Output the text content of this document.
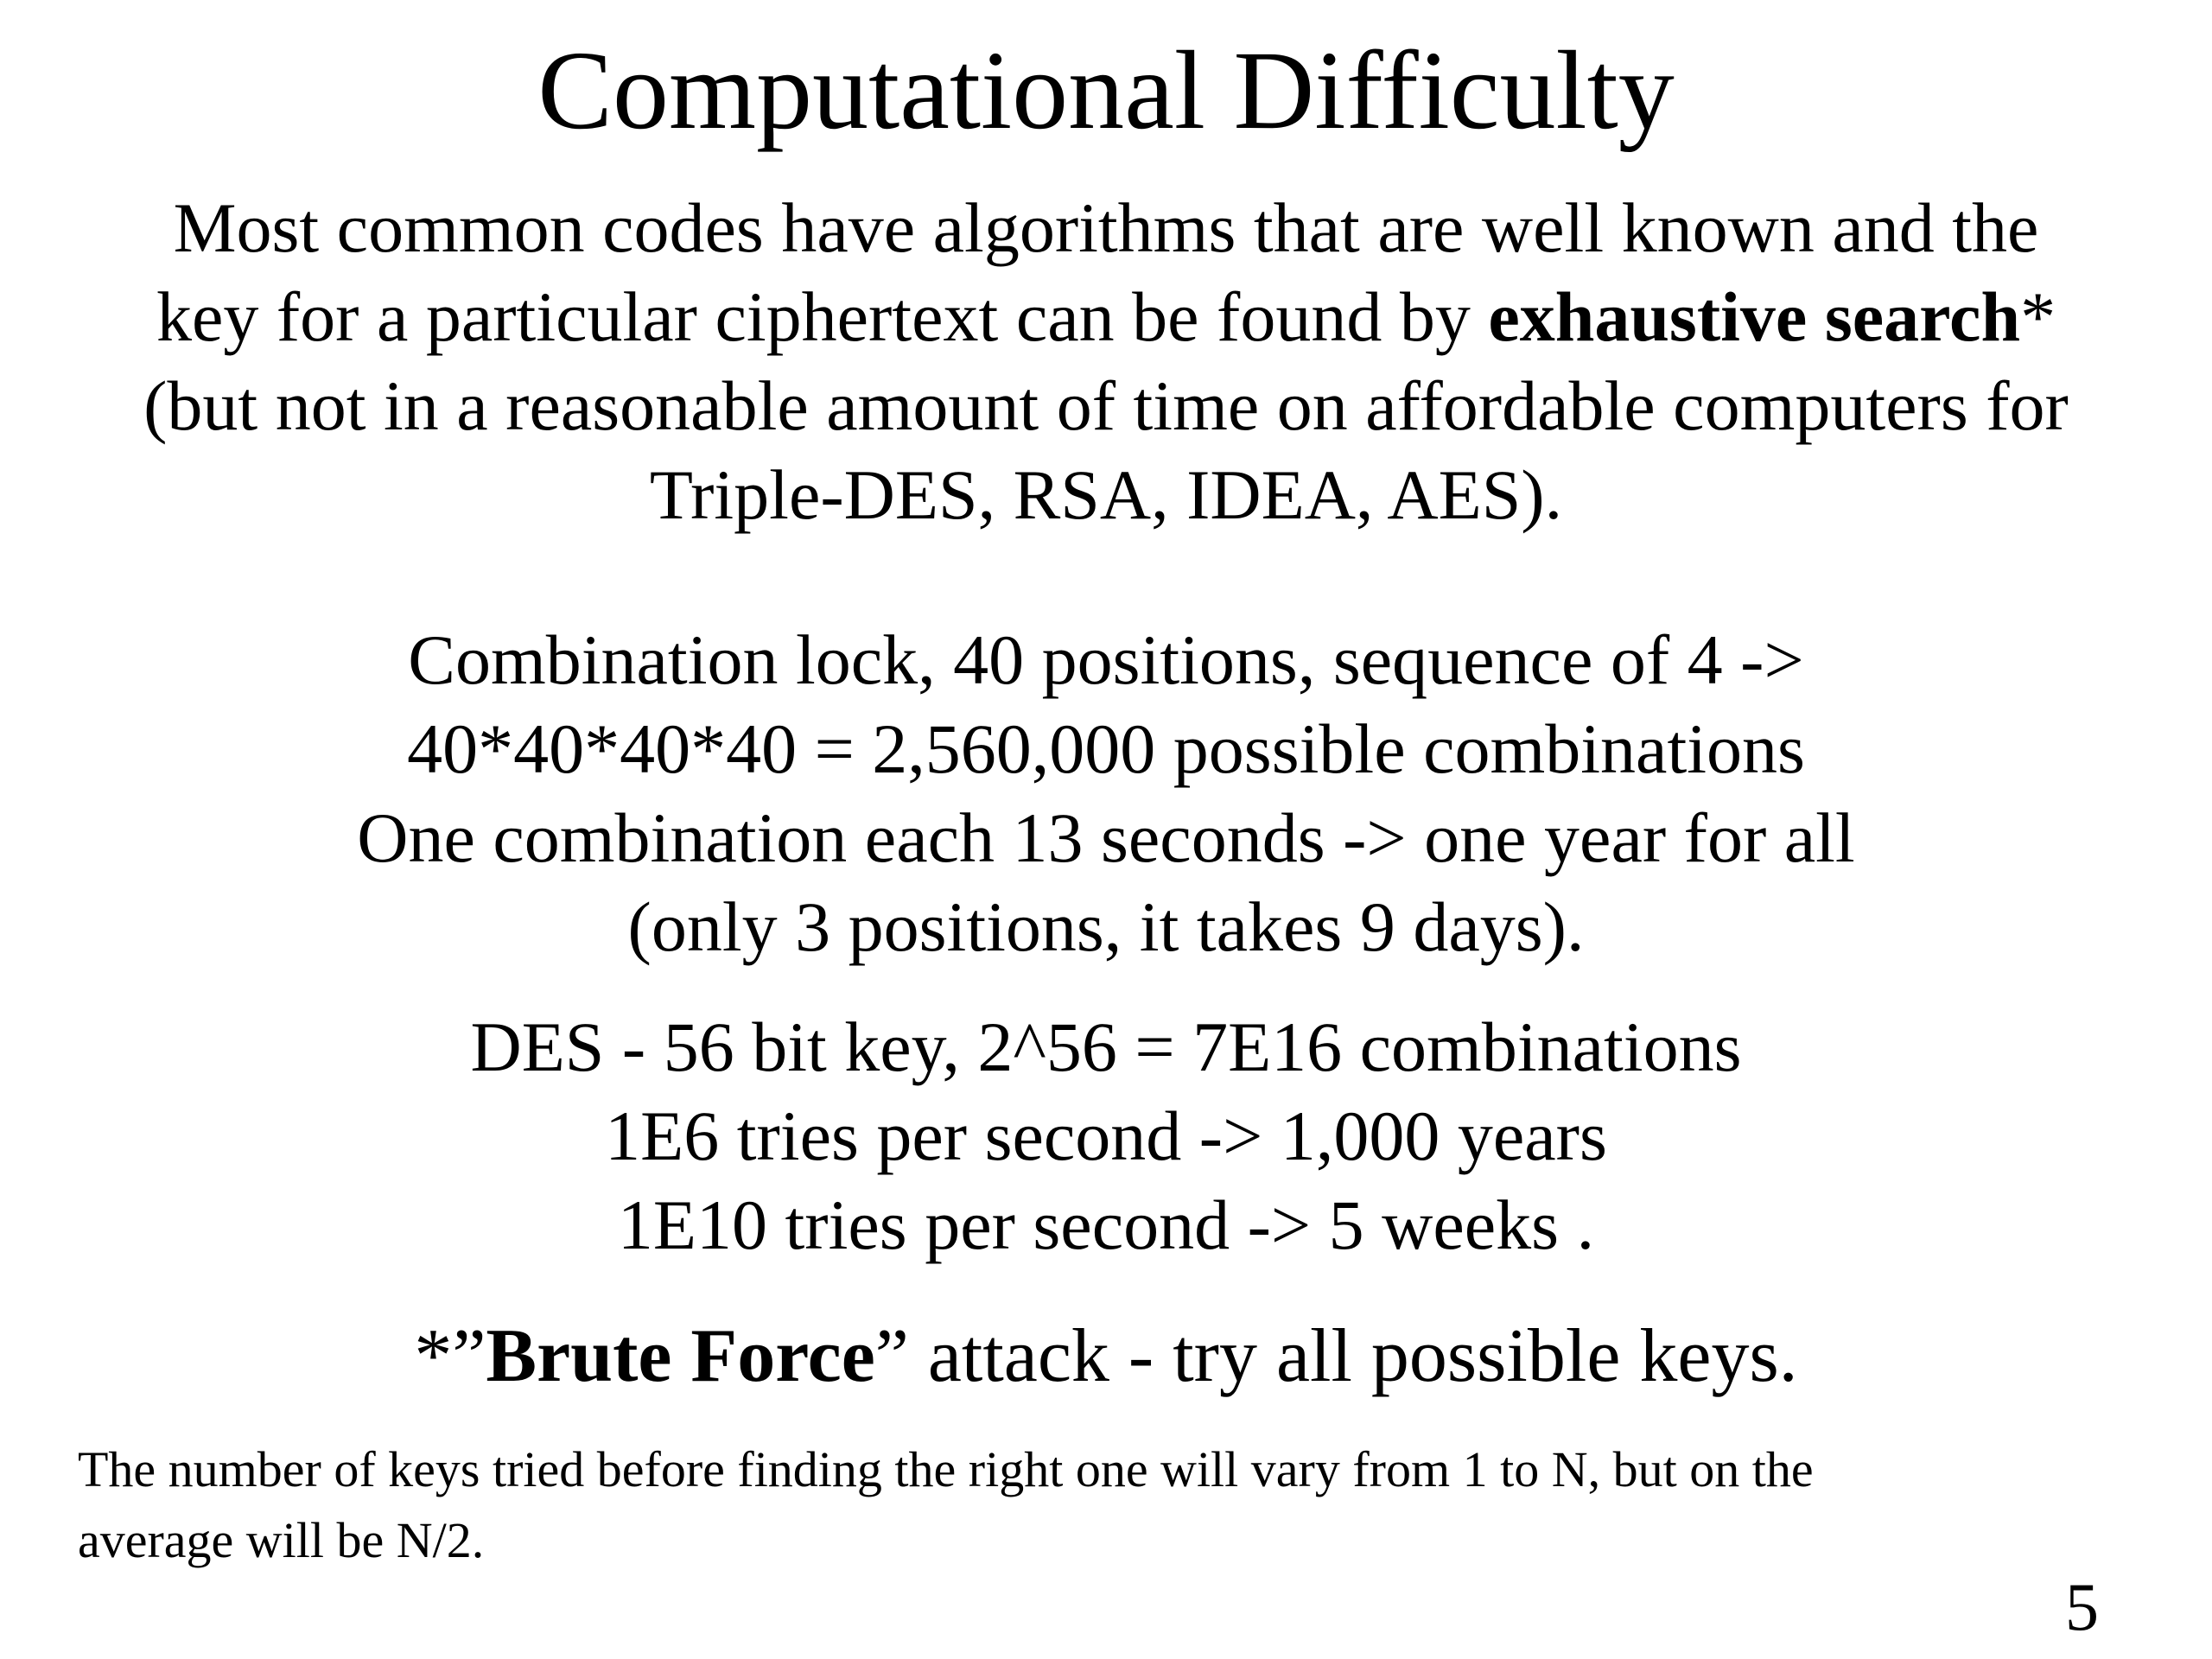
Computational Difficulty
Most common codes have algorithms that are well known and the
key for a particular ciphertext can be found by exhaustive search*
(but not in a reasonable amount of time on affordable computers for
Triple-DES, RSA, IDEA, AES).
Combination lock, 40 positions, sequence of 4 ->
40*40*40*40 = 2,560,000 possible combinations
One combination each 13 seconds -> one year for all
(only 3 positions, it takes 9 days).
DES - 56 bit key, 2^56 = 7E16 combinations
1E6 tries per second -> 1,000 years
1E10 tries per second -> 5 weeks .
*”Brute Force” attack - try all possible keys.
The number of keys tried before finding the right one will vary from 1 to N, but on the
average will be N/2.
5
